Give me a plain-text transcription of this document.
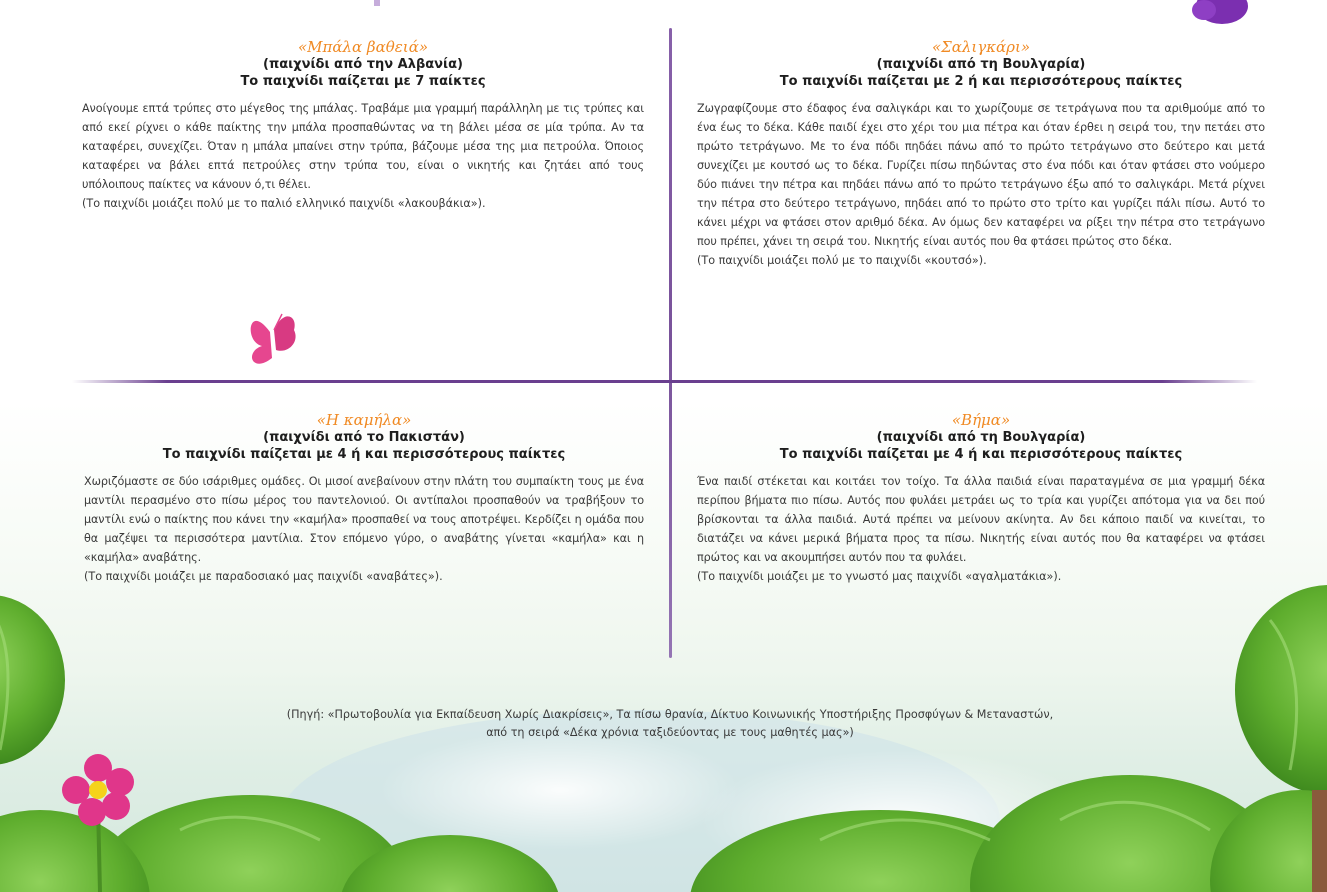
«Μπάλα βαθειά»
(παιχνίδι από την Αλβανία)
Το παιχνίδι παίζεται με 7 παίκτες
Ανοίγουμε επτά τρύπες στο μέγεθος της μπάλας. Τραβάμε μια γραμμή παράλληλη με τις τρύπες και από εκεί ρίχνει ο κάθε παίκτης την μπάλα προσπαθώντας να τη βάλει μέσα σε μία τρύπα. Αν τα καταφέρει, συνεχίζει. Όταν η μπάλα μπαίνει στην τρύπα, βάζουμε μέσα της μια πετρούλα. Όποιος καταφέρει να βάλει επτά πετρούλες στην τρύπα του, είναι ο νικητής και ζητάει από τους υπόλοιπους παίκτες να κάνουν ό,τι θέλει.
(Το παιχνίδι μοιάζει πολύ με το παλιό ελληνικό παιχνίδι «λακουβάκια»).
«Σαλιγκάρι»
(παιχνίδι από τη Βουλγαρία)
Το παιχνίδι παίζεται με 2 ή και περισσότερους παίκτες
Ζωγραφίζουμε στο έδαφος ένα σαλιγκάρι και το χωρίζουμε σε τετράγωνα που τα αριθμούμε από το ένα έως το δέκα. Κάθε παιδί έχει στο χέρι του μια πέτρα και όταν έρθει η σειρά του, την πετάει στο πρώτο τετράγωνο. Με το ένα πόδι πηδάει πάνω από το πρώτο τετράγωνο στο δεύτερο και μετά συνεχίζει με κουτσό ως το δέκα. Γυρίζει πίσω πηδώντας στο ένα πόδι και όταν φτάσει στο νούμερο δύο πιάνει την πέτρα και πηδάει πάνω από το πρώτο τετράγωνο έξω από το σαλιγκάρι. Μετά ρίχνει την πέτρα στο δεύτερο τετράγωνο, πηδάει από το πρώτο στο τρίτο και γυρίζει πάλι πίσω. Αυτό το κάνει μέχρι να φτάσει στον αριθμό δέκα. Αν όμως δεν καταφέρει να ρίξει την πέτρα στο τετράγωνο που πρέπει, χάνει τη σειρά του. Νικητής είναι αυτός που θα φτάσει πρώτος στο δέκα.
(Το παιχνίδι μοιάζει πολύ με το παιχνίδι «κουτσό»).
«Η καμήλα»
(παιχνίδι από το Πακιστάν)
Το παιχνίδι παίζεται με 4 ή και περισσότερους παίκτες
Χωριζόμαστε σε δύο ισάριθμες ομάδες. Οι μισοί ανεβαίνουν στην πλάτη του συμπαίκτη τους με ένα μαντίλι περασμένο στο πίσω μέρος του παντελονιού. Οι αντίπαλοι προσπαθούν να τραβήξουν το μαντίλι ενώ ο παίκτης που κάνει την «καμήλα» προσπαθεί να τους αποτρέψει. Κερδίζει η ομάδα που θα μαζέψει τα περισσότερα μαντίλια. Στον επόμενο γύρο, ο αναβάτης γίνεται «καμήλα» και η «καμήλα» αναβάτης.
(Το παιχνίδι μοιάζει με παραδοσιακό μας παιχνίδι «αναβάτες»).
«Βήμα»
(παιχνίδι από τη Βουλγαρία)
Το παιχνίδι παίζεται με 4 ή και περισσότερους παίκτες
Ένα παιδί στέκεται και κοιτάει τον τοίχο. Τα άλλα παιδιά είναι παραταγμένα σε μια γραμμή δέκα περίπου βήματα πιο πίσω. Αυτός που φυλάει μετράει ως το τρία και γυρίζει απότομα για να δει πού βρίσκονται τα άλλα παιδιά. Αυτά πρέπει να μείνουν ακίνητα. Αν δει κάποιο παιδί να κινείται, το διατάζει να κάνει μερικά βήματα προς τα πίσω. Νικητής είναι αυτός που θα καταφέρει να φτάσει πρώτος και να ακουμπήσει αυτόν που τα φυλάει.
(Το παιχνίδι μοιάζει με το γνωστό μας παιχνίδι «αγαλματάκια»).
(Πηγή: «Πρωτοβουλία για Εκπαίδευση Χωρίς Διακρίσεις», Τα πίσω θρανία, Δίκτυο Κοινωνικής Υποστήριξης Προσφύγων & Μεταναστών,
από τη σειρά «Δέκα χρόνια ταξιδεύοντας με τους μαθητές μας»)
